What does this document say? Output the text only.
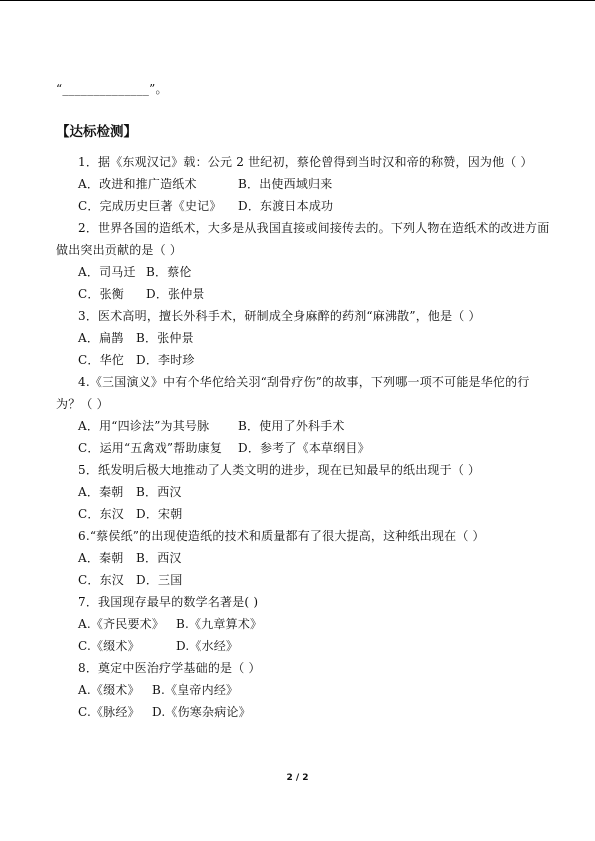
“______________”。
【达标检测】
1．据《东观汉记》载：公元 2 世纪初，蔡伦曾得到当时汉和帝的称赞，因为他（ ）
A．改进和推广造纸术	B．出使西域归来
C．完成历史巨著《史记》 D．东渡日本成功
2．世界各国的造纸术，大多是从我国直接或间接传去的。下列人物在造纸术的改进方面
做出突出贡献的是（ ）
A．司马迁 B．蔡伦
C．张衡 D．张仲景
3．医术高明，擅长外科手术，研制成全身麻醉的药剂“麻沸散”，他是（ ）
A．扁鹊 B．张仲景
C．华佗 D．李时珍
4.《三国演义》中有个华佗给关羽“刮骨疗伤”的故事，下列哪一项不可能是华佗的行
为？（ ）
A．用“四诊法”为其号脉 B．使用了外科手术
C．运用“五禽戏”帮助康复 D．参考了《本草纲目》
5．纸发明后极大地推动了人类文明的进步，现在已知最早的纸出现于（ ）
A．秦朝 B．西汉
C．东汉 D．宋朝
6.“蔡侯纸”的出现使造纸的技术和质量都有了很大提高，这种纸出现在（ ）
A．秦朝 B．西汉
C．东汉 D．三国
7．我国现存最早的数学名著是( )
A.《齐民要术》 B.《九章算术》
C.《缀术》	D.《水经》
8．奠定中医治疗学基础的是（ ）
A.《缀术》 B.《皇帝内经》
C.《脉经》 D.《伤寒杂病论》
2 / 2
